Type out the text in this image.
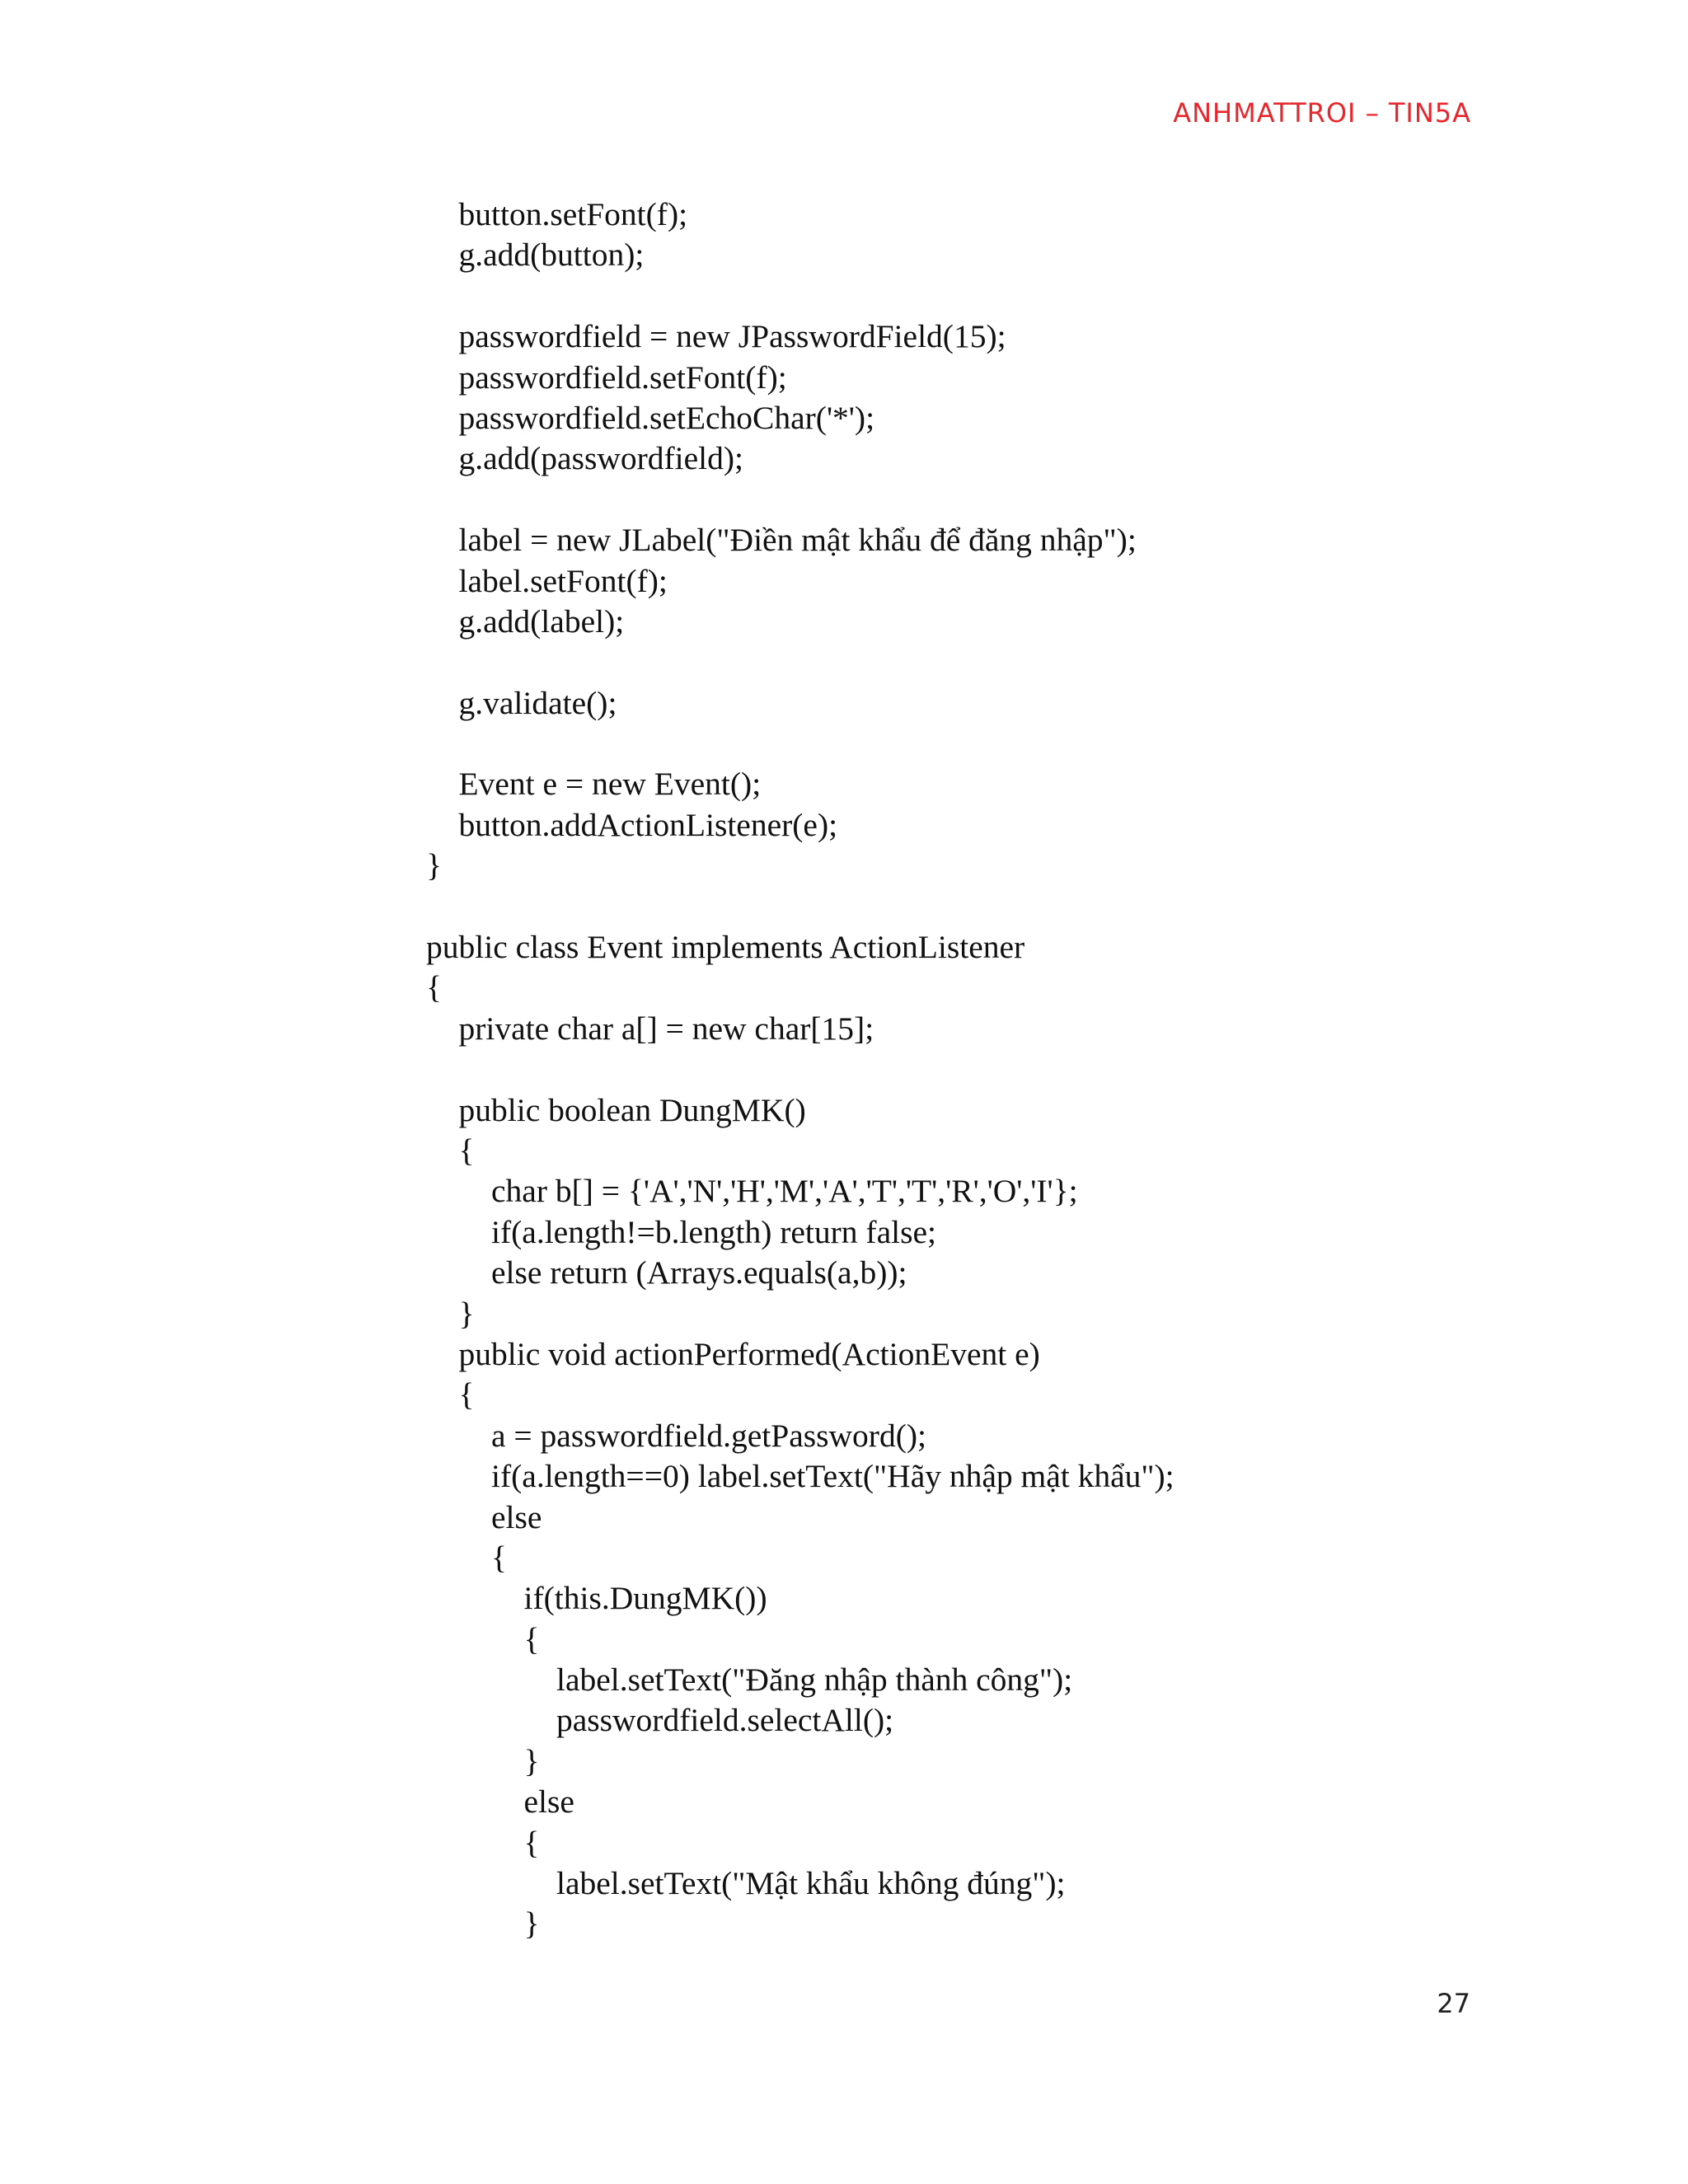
ANHMATTROI – TIN5A
button.setFont(f);
g.add(button);
passwordfield = new JPasswordField(15);
passwordfield.setFont(f);
passwordfield.setEchoChar('*');
g.add(passwordfield);
label = new JLabel("Điền mật khẩu để đăng nhập");
label.setFont(f);
g.add(label);
g.validate();
Event e = new Event();
button.addActionListener(e);
}
public class Event implements ActionListener
{
private char a[] = new char[15];
public boolean DungMK()
{
char b[] = {'A','N','H','M','A','T','T','R','O','I'};
if(a.length!=b.length) return false;
else return (Arrays.equals(a,b));
}
public void actionPerformed(ActionEvent e)
{
a = passwordfield.getPassword();
if(a.length==0) label.setText("Hãy nhập mật khẩu");
else
{
if(this.DungMK())
{
label.setText("Đăng nhập thành công");
passwordfield.selectAll();
}
else
{
label.setText("Mật khẩu không đúng");
}
27
